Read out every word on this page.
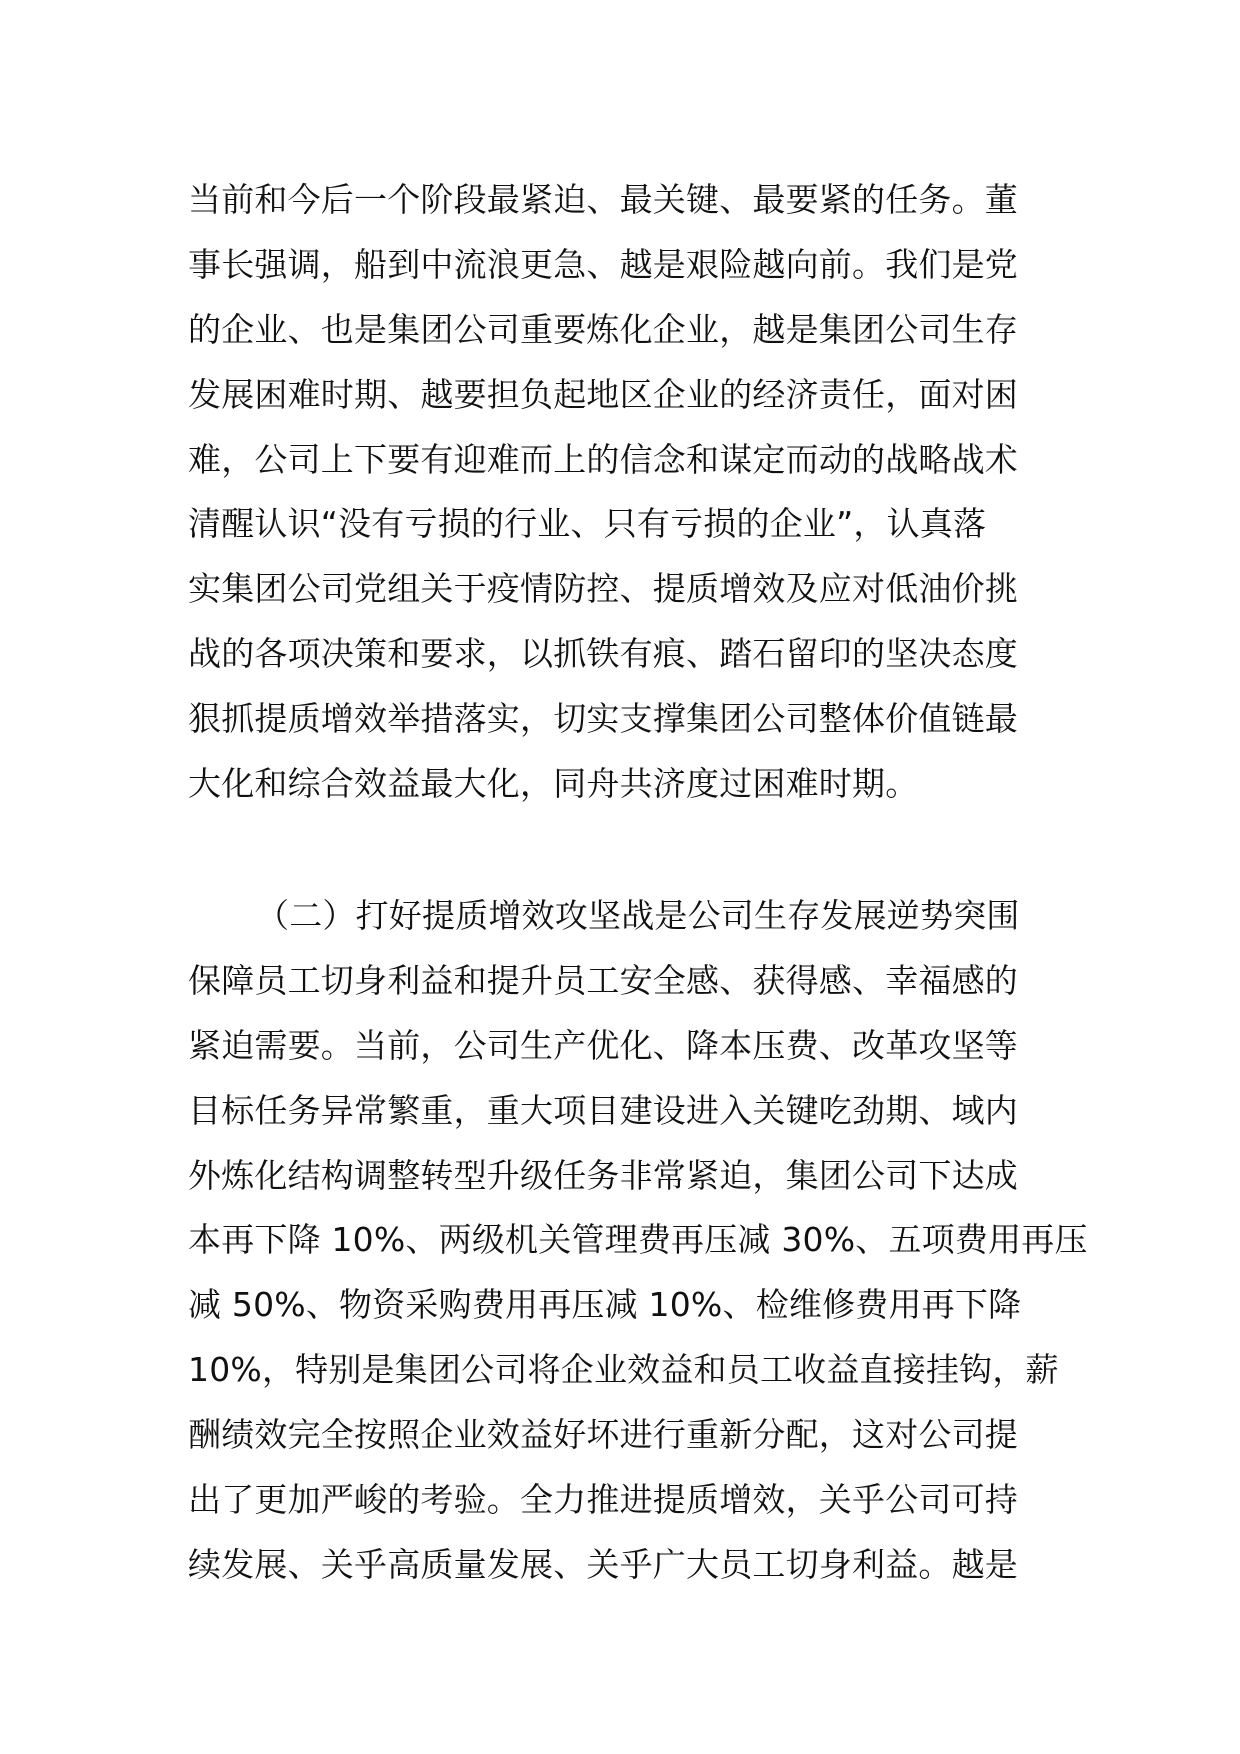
当前和今后一个阶段最紧迫、最关键、最要紧的任务。董
事长强调，船到中流浪更急、越是艰险越向前。我们是党
的企业、也是集团公司重要炼化企业，越是集团公司生存
发展困难时期、越要担负起地区企业的经济责任，面对困
难，公司上下要有迎难而上的信念和谋定而动的战略战术
清醒认识“没有亏损的行业、只有亏损的企业”，认真落
实集团公司党组关于疫情防控、提质增效及应对低油价挑
战的各项决策和要求，以抓铁有痕、踏石留印的坚决态度
狠抓提质增效举措落实，切实支撑集团公司整体价值链最
大化和综合效益最大化，同舟共济度过困难时期。
（二）打好提质增效攻坚战是公司生存发展逆势突围
保障员工切身利益和提升员工安全感、获得感、幸福感的
紧迫需要。当前，公司生产优化、降本压费、改革攻坚等
目标任务异常繁重，重大项目建设进入关键吃劲期、域内
外炼化结构调整转型升级任务非常紧迫，集团公司下达成
本再下降 10%、两级机关管理费再压减 30%、五项费用再压
减 50%、物资采购费用再压减 10%、检维修费用再下降
10%，特别是集团公司将企业效益和员工收益直接挂钩，薪
酬绩效完全按照企业效益好坏进行重新分配，这对公司提
出了更加严峻的考验。全力推进提质增效，关乎公司可持
续发展、关乎高质量发展、关乎广大员工切身利益。越是
